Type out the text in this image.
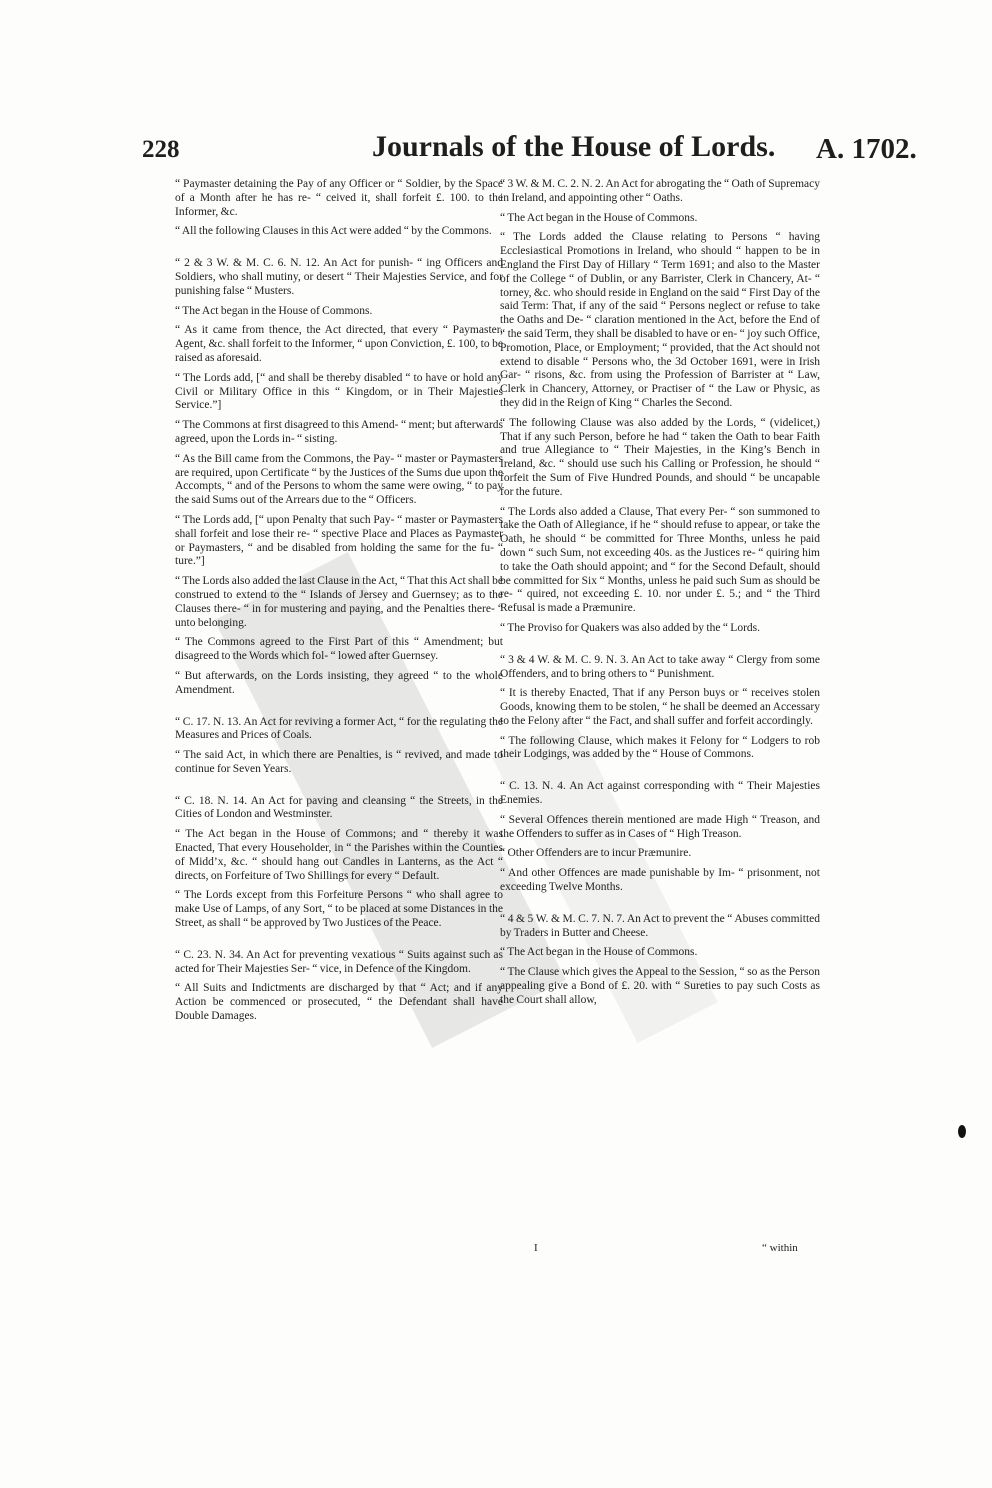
228	Journals of the House of Lords. A. 1702.

“ Paymaster detaining the Pay of any Officer or “ Soldier, by the Space of a Month after he has re- “ ceived it, shall forfeit £. 100. to the Informer, &c.

“ All the following Clauses in this Act were added “ by the Commons.

“ 2 & 3 W. & M. C. 6. N. 12. An Act for punish- “ ing Officers and Soldiers, who shall mutiny, or desert “ Their Majesties Service, and for punishing false “ Musters.

“ The Act began in the House of Commons.

“ As it came from thence, the Act directed, that every “ Paymaster, Agent, &c. shall forfeit to the Informer, “ upon Conviction, £. 100, to be raised as aforesaid.

“ The Lords add, [“ and shall be thereby disabled “ to have or hold any Civil or Military Office in this “ Kingdom, or in Their Majesties Service.”]

“ The Commons at first disagreed to this Amend- “ ment; but afterwards agreed, upon the Lords in- “ sisting.

“ As the Bill came from the Commons, the Pay- “ master or Paymasters are required, upon Certificate “ by the Justices of the Sums due upon the Accompts, “ and of the Persons to whom the same were owing, “ to pay the said Sums out of the Arrears due to the “ Officers.

“ The Lords add, [“ upon Penalty that such Pay- “ master or Paymasters shall forfeit and lose their re- “ spective Place and Places as Paymaster or Paymasters, “ and be disabled from holding the same for the fu- “ ture.”]

“ The Lords also added the last Clause in the Act, “ That this Act shall be construed to extend to the “ Islands of Jersey and Guernsey; as to the Clauses there- “ in for mustering and paying, and the Penalties there- “ unto belonging.

“ The Commons agreed to the First Part of this “ Amendment; but disagreed to the Words which fol- “ lowed after Guernsey.

“ But afterwards, on the Lords insisting, they agreed “ to the whole Amendment.

“ C. 17. N. 13. An Act for reviving a former Act, “ for the regulating the Measures and Prices of Coals.

“ The said Act, in which there are Penalties, is “ revived, and made to continue for Seven Years.

“ C. 18. N. 14. An Act for paving and cleansing “ the Streets, in the Cities of London and Westminster.

“ The Act began in the House of Commons; and “ thereby it was Enacted, That every Householder, in “ the Parishes within the Counties of Midd’x, &c. “ should hang out Candles in Lanterns, as the Act “ directs, on Forfeiture of Two Shillings for every “ Default.

“ The Lords except from this Forfeiture Persons “ who shall agree to make Use of Lamps, of any Sort, “ to be placed at some Distances in the Street, as shall “ be approved by Two Justices of the Peace.

“ C. 23. N. 34. An Act for preventing vexatious “ Suits against such as acted for Their Majesties Ser- “ vice, in Defence of the Kingdom.

“ All Suits and Indictments are discharged by that “ Act; and if any Action be commenced or prosecuted, “ the Defendant shall have Double Damages.

“ 3 W. & M. C. 2. N. 2. An Act for abrogating the “ Oath of Supremacy in Ireland, and appointing other “ Oaths.

“ The Act began in the House of Commons.

“ The Lords added the Clause relating to Persons “ having Ecclesiastical Promotions in Ireland, who should “ happen to be in England the First Day of Hillary “ Term 1691; and also to the Master of the College “ of Dublin, or any Barrister, Clerk in Chancery, At- “ torney, &c. who should reside in England on the said “ First Day of the said Term: That, if any of the said “ Persons neglect or refuse to take the Oaths and De- “ claration mentioned in the Act, before the End of “ the said Term, they shall be disabled to have or en- “ joy such Office, Promotion, Place, or Employment; “ provided, that the Act should not extend to disable “ Persons who, the 3d October 1691, were in Irish Gar- “ risons, &c. from using the Profession of Barrister at “ Law, Clerk in Chancery, Attorney, or Practiser of “ the Law or Physic, as they did in the Reign of King “ Charles the Second.

“ The following Clause was also added by the Lords, “ (videlicet,) That if any such Person, before he had “ taken the Oath to bear Faith and true Allegiance to “ Their Majesties, in the King’s Bench in Ireland, &c. “ should use such his Calling or Profession, he should “ forfeit the Sum of Five Hundred Pounds, and should “ be uncapable for the future.

“ The Lords also added a Clause, That every Per- “ son summoned to take the Oath of Allegiance, if he “ should refuse to appear, or take the Oath, he should “ be committed for Three Months, unless he paid down “ such Sum, not exceeding 40s. as the Justices re- “ quiring him to take the Oath should appoint; and “ for the Second Default, should be committed for Six “ Months, unless he paid such Sum as should be re- “ quired, not exceeding £. 10. nor under £. 5.; and “ the Third Refusal is made a Præmunire.

“ The Proviso for Quakers was also added by the “ Lords.

“ 3 & 4 W. & M. C. 9. N. 3. An Act to take away “ Clergy from some Offenders, and to bring others to “ Punishment.

“ It is thereby Enacted, That if any Person buys or “ receives stolen Goods, knowing them to be stolen, “ he shall be deemed an Accessary to the Felony after “ the Fact, and shall suffer and forfeit accordingly.

“ The following Clause, which makes it Felony for “ Lodgers to rob their Lodgings, was added by the “ House of Commons.

“ C. 13. N. 4. An Act against corresponding with “ Their Majesties Enemies.

“ Several Offences therein mentioned are made High “ Treason, and the Offenders to suffer as in Cases of “ High Treason.

“ Other Offenders are to incur Præmunire.

“ And other Offences are made punishable by Im- “ prisonment, not exceeding Twelve Months.

“ 4 & 5 W. & M. C. 7. N. 7. An Act to prevent the “ Abuses committed by Traders in Butter and Cheese.

“ The Act began in the House of Commons.

“ The Clause which gives the Appeal to the Session, “ so as the Person appealing give a Bond of £. 20. with “ Sureties to pay such Costs as the Court shall allow,

I	“ within
